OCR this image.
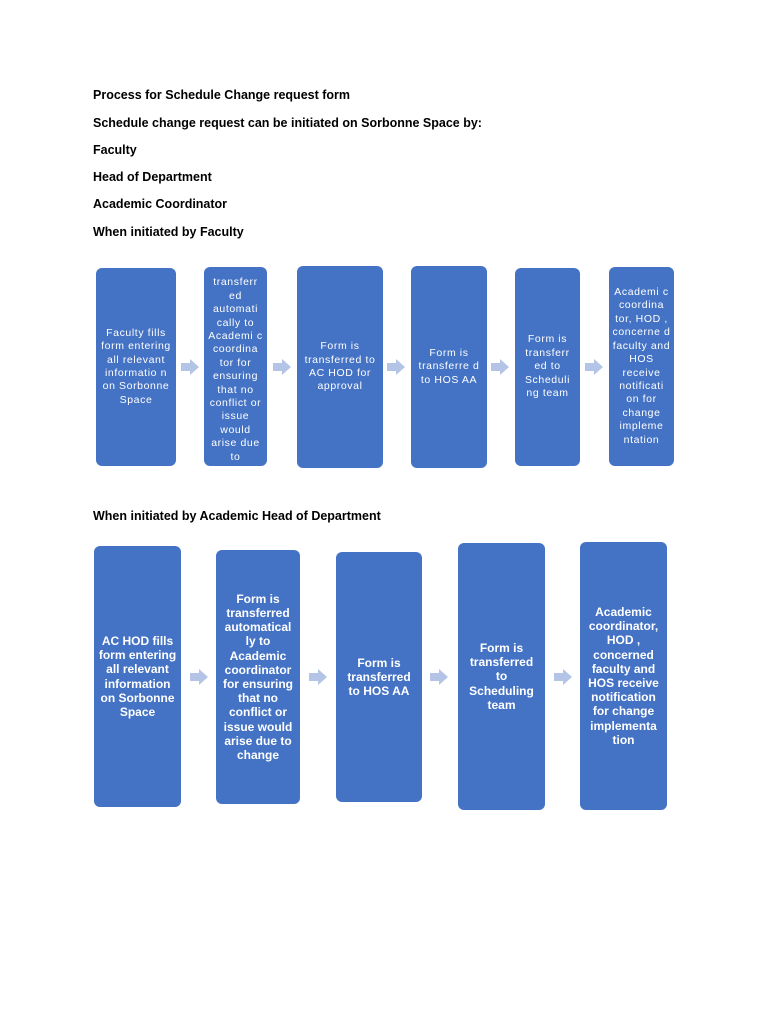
Process for Schedule Change request form
Schedule change request can be initiated on Sorbonne Space by:
Faculty
Head of Department
Academic Coordinator
When initiated by Faculty
Faculty fills form entering all relevant informatio n on Sorbonne Space
transferr ed automati cally to Academi c coordina tor for ensuring that no conflict or issue would arise due to
Form is transferred to AC HOD for approval
Form is transferre d to HOS AA
Form is transferr ed to Scheduli ng team
Academi c coordina tor, HOD , concerne d faculty and HOS receive notificati on for change impleme ntation
When initiated by Academic Head of Department
AC HOD fills form entering all relevant information on Sorbonne Space
Form is transferred automatical ly to Academic coordinator for ensuring that no conflict or issue would arise due to change
Form is transferred to HOS AA
Form is transferred to Scheduling team
Academic coordinator, HOD , concerned faculty and HOS receive notification for change implementa tion
